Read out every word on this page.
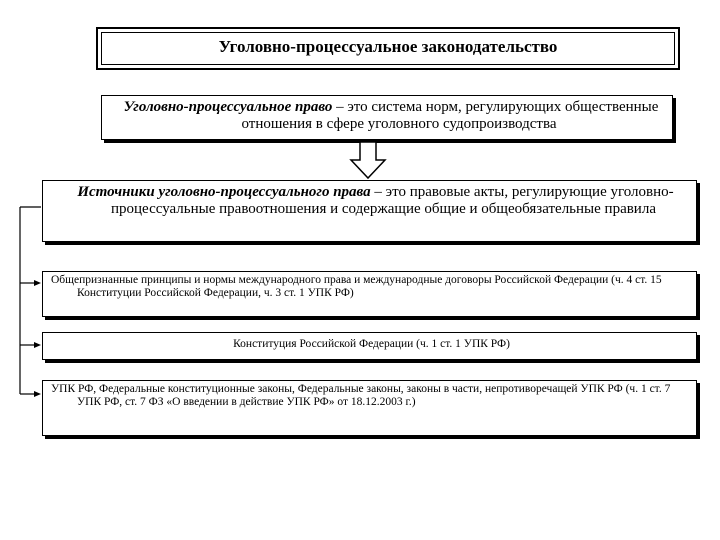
Уголовно-процессуальное законодательство
Уголовно-процессуальное право – это система норм, регулирующих общественные отношения в сфере уголовного судопроизводства
Источники уголовно-процессуального права – это правовые акты, регулирующие уголовно-процессуальные правоотношения и содержащие общие и общеобязательные правила
Общепризнанные принципы и нормы международного права и международные договоры Российской Федерации (ч. 4 ст. 15 Конституции Российской Федерации, ч. 3 ст. 1 УПК РФ)
Конституция Российской Федерации (ч. 1 ст. 1 УПК РФ)
УПК РФ, Федеральные конституционные законы, Федеральные законы, законы в части, непротиворечащей УПК РФ (ч. 1 ст. 7 УПК РФ, ст. 7 ФЗ «О введении в действие УПК РФ» от 18.12.2003 г.)
